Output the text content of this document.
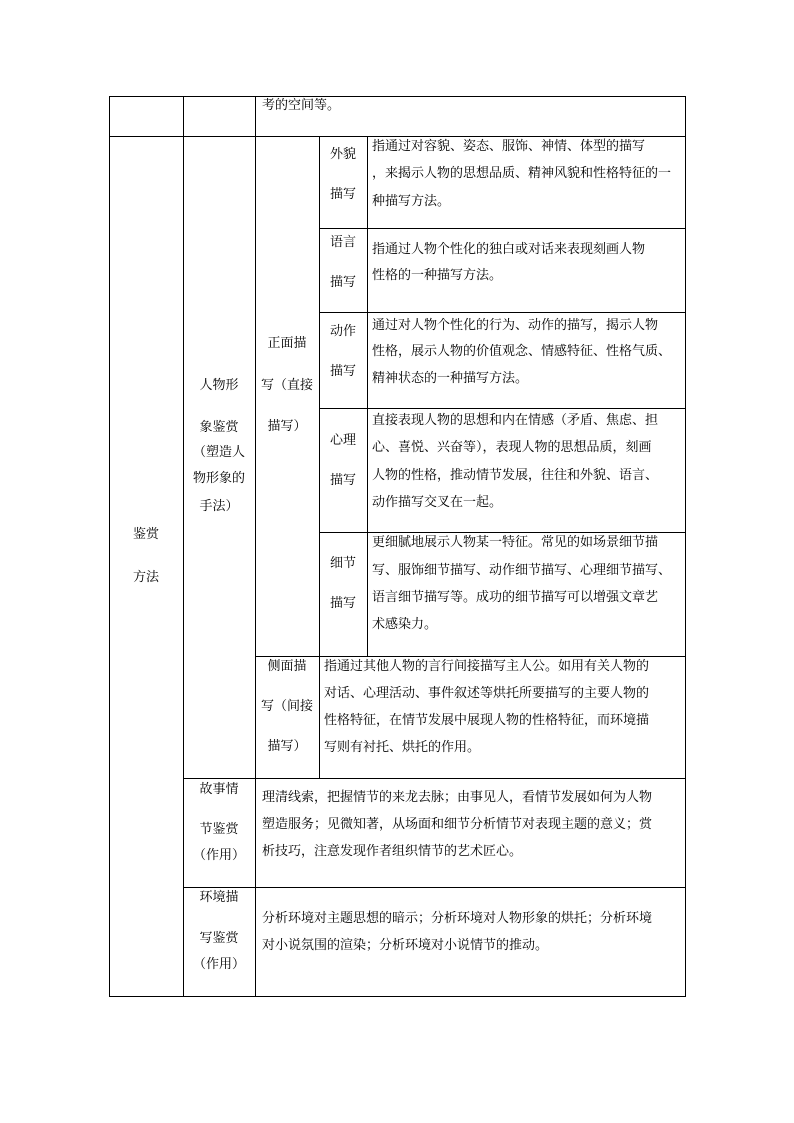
考的空间等。
鉴赏
方法
人物形
象鉴赏
（塑造人
物形象的
手法）
故事情
节鉴赏
（作用）
环境描
写鉴赏
（作用）
正面描
写（直接
描写）
侧面描
写（间接
描写）
外貌
描写
语言
描写
动作
描写
心理
描写
细节
描写
指通过对容貌、姿态、服饰、神情、体型的描写
，来揭示人物的思想品质、精神风貌和性格特征的一
种描写方法。
指通过人物个性化的独白或对话来表现刻画人物
性格的一种描写方法。
通过对人物个性化的行为、动作的描写，揭示人物
性格，展示人物的价值观念、情感特征、性格气质、
精神状态的一种描写方法。
直接表现人物的思想和内在情感（矛盾、焦虑、担
心、喜悦、兴奋等），表现人物的思想品质，刻画
人物的性格，推动情节发展，往往和外貌、语言、
动作描写交叉在一起。
更细腻地展示人物某一特征。常见的如场景细节描
写、服饰细节描写、动作细节描写、心理细节描写、
语言细节描写等。成功的细节描写可以增强文章艺
术感染力。
指通过其他人物的言行间接描写主人公。如用有关人物的
对话、心理活动、事件叙述等烘托所要描写的主要人物的
性格特征，在情节发展中展现人物的性格特征，而环境描
写则有衬托、烘托的作用。
理清线索，把握情节的来龙去脉；由事见人，看情节发展如何为人物
塑造服务；见微知著，从场面和细节分析情节对表现主题的意义；赏
析技巧，注意发现作者组织情节的艺术匠心。
分析环境对主题思想的暗示；分析环境对人物形象的烘托；分析环境
对小说氛围的渲染；分析环境对小说情节的推动。
